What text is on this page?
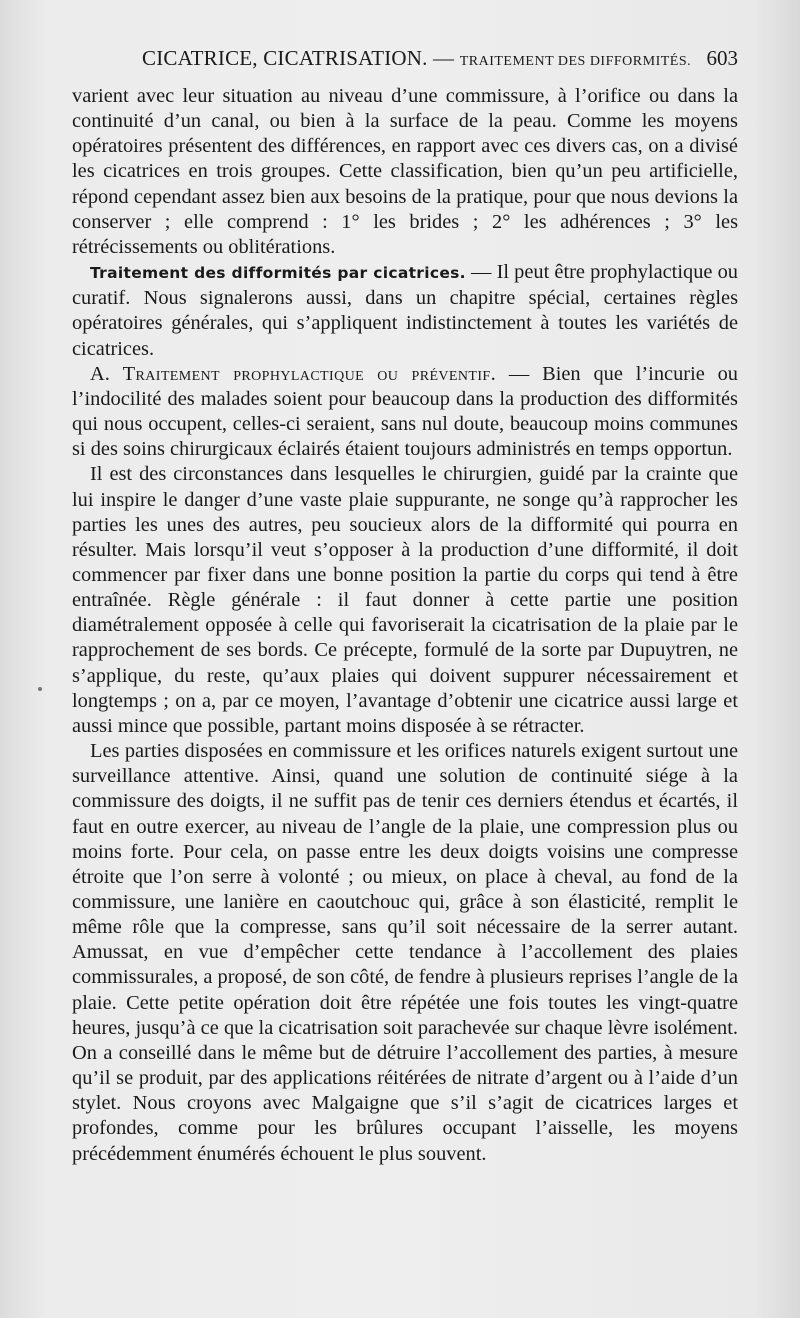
CICATRICE, CICATRISATION. — TRAITEMENT DES DIFFORMITÉS. 603

varient avec leur situation au niveau d’une commissure, à l’orifice ou dans la continuité d’un canal, ou bien à la surface de la peau. Comme les moyens opératoires présentent des différences, en rapport avec ces divers cas, on a divisé les cicatrices en trois groupes. Cette classification, bien qu’un peu artificielle, répond cependant assez bien aux besoins de la pratique, pour que nous devions la conserver ; elle comprend : 1° les brides ; 2° les adhérences ; 3° les rétrécissements ou oblitérations.

Traitement des difformités par cicatrices. — Il peut être prophylactique ou curatif. Nous signalerons aussi, dans un chapitre spécial, certaines règles opératoires générales, qui s’appliquent indistinctement à toutes les variétés de cicatrices.

A. Traitement prophylactique ou préventif. — Bien que l’incurie ou l’indocilité des malades soient pour beaucoup dans la production des difformités qui nous occupent, celles-ci seraient, sans nul doute, beaucoup moins communes si des soins chirurgicaux éclairés étaient toujours administrés en temps opportun.

Il est des circonstances dans lesquelles le chirurgien, guidé par la crainte que lui inspire le danger d’une vaste plaie suppurante, ne songe qu’à rapprocher les parties les unes des autres, peu soucieux alors de la difformité qui pourra en résulter. Mais lorsqu’il veut s’opposer à la production d’une difformité, il doit commencer par fixer dans une bonne position la partie du corps qui tend à être entraînée. Règle générale : il faut donner à cette partie une position diamétralement opposée à celle qui favoriserait la cicatrisation de la plaie par le rapprochement de ses bords. Ce précepte, formulé de la sorte par Dupuytren, ne s’applique, du reste, qu’aux plaies qui doivent suppurer nécessairement et longtemps ; on a, par ce moyen, l’avantage d’obtenir une cicatrice aussi large et aussi mince que possible, partant moins disposée à se rétracter.

Les parties disposées en commissure et les orifices naturels exigent surtout une surveillance attentive. Ainsi, quand une solution de continuité siége à la commissure des doigts, il ne suffit pas de tenir ces derniers étendus et écartés, il faut en outre exercer, au niveau de l’angle de la plaie, une compression plus ou moins forte. Pour cela, on passe entre les deux doigts voisins une compresse étroite que l’on serre à volonté ; ou mieux, on place à cheval, au fond de la commissure, une lanière en caoutchouc qui, grâce à son élasticité, remplit le même rôle que la compresse, sans qu’il soit nécessaire de la serrer autant. Amussat, en vue d’empêcher cette tendance à l’accollement des plaies commissurales, a proposé, de son côté, de fendre à plusieurs reprises l’angle de la plaie. Cette petite opération doit être répétée une fois toutes les vingt-quatre heures, jusqu’à ce que la cicatrisation soit parachevée sur chaque lèvre isolément. On a conseillé dans le même but de détruire l’accollement des parties, à mesure qu’il se produit, par des applications réitérées de nitrate d’argent ou à l’aide d’un stylet. Nous croyons avec Malgaigne que s’il s’agit de cicatrices larges et profondes, comme pour les brûlures occupant l’aisselle, les moyens précédemment énumérés échouent le plus souvent.
